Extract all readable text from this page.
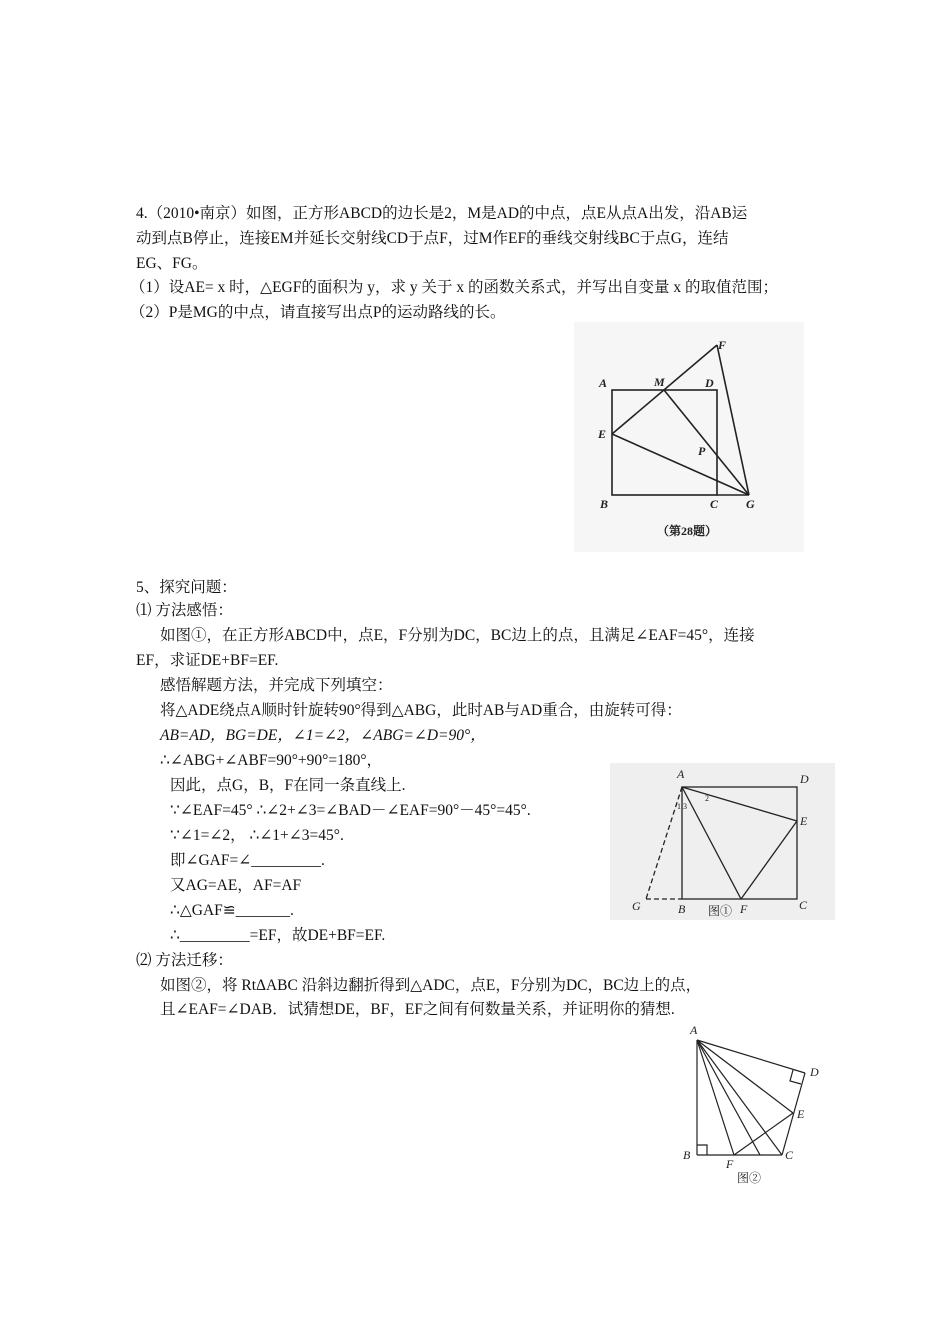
4.（2010•南京）如图，正方形ABCD的边长是2，M是AD的中点，点E从点A出发，沿AB运
动到点B停止，连接EM并延长交射线CD于点F，过M作EF的垂线交射线BC于点G，连结
EG、FG。
（1）设AE= x 时，△EGF的面积为 y，求 y 关于 x 的函数关系式，并写出自变量 x 的取值范围；
（2）P是MG的中点，请直接写出点P的运动路线的长。
A	M	D
F
E
P
B	C G
（第28题）
5、探究问题：
⑴ 方法感悟：
如图①，在正方形ABCD中，点E，F分别为DC，BC边上的点，且满足∠EAF=45°，连接
EF，求证DE+BF=EF.
感悟解题方法，并完成下列填空：
将△ADE绕点A顺时针旋转90°得到△ABG，此时AB与AD重合，由旋转可得：
AB=AD，BG=DE，∠1=∠2，∠ABG=∠D=90°，
∴∠ABG+∠ABF=90°+90°=180°，
因此，点G，B，F在同一条直线上.
∵∠EAF=45° ∴∠2+∠3=∠BAD－∠EAF=90°－45°=45°.
∵∠1=∠2， ∴∠1+∠3=45°.
即∠GAF=∠_________.
又AG=AE，AF=AF
∴△GAF≌_______.
∴_________=EF，故DE+BF=EF.
A	D
E
G	B	F	C
1
2
3
图①
⑵ 方法迁移：
如图②，将 RtΔABC 沿斜边翻折得到△ADC，点E，F分别为DC，BC边上的点，
且∠EAF=∠DAB．试猜想DE，BF，EF之间有何数量关系，并证明你的猜想.
A
D
E
B
F
C
图②
